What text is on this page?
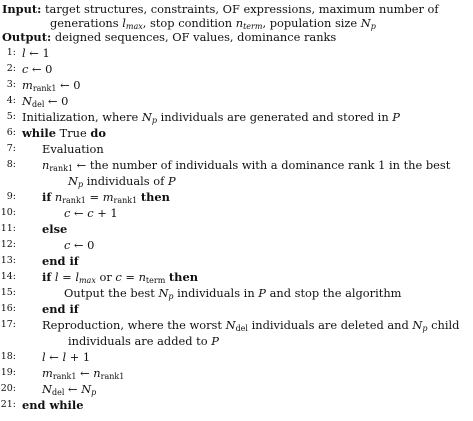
Input: target structures, constraints, OF expressions, maximum number of
generations $l_{max}$, stop condition $n_{term}$, population size $N_p$
Output: deigned sequences, OF values, dominance ranks
1: l ← 1
2: c ← 0
3: $m_{rank1}$ ← 0
4: $N_{del}$ ← 0
5: Initialization, where $N_p$ individuals are generated and stored in P
6: while True do
7: Evaluation
8: $n_{rank1}$ ← the number of individuals with a dominance rank 1 in the best
$N_p$ individuals of P
9: if $n_{rank1} = m_{rank1}$ then
10:	c ← c + 1
11: else
12:	c ← 0
13: end if
14: if $l = l_{max}$ or $c = n_{term}$ then
15:	Output the best $N_p$ individuals in P and stop the algorithm
16: end if
17: Reproduction, where the worst $N_{del}$ individuals are deleted and $N_p$ child
individuals are added to P
18: l ← l + 1
19: $m_{rank1}$ ← $n_{rank1}$
20: $N_{del}$ ← $N_p$
21: end while
